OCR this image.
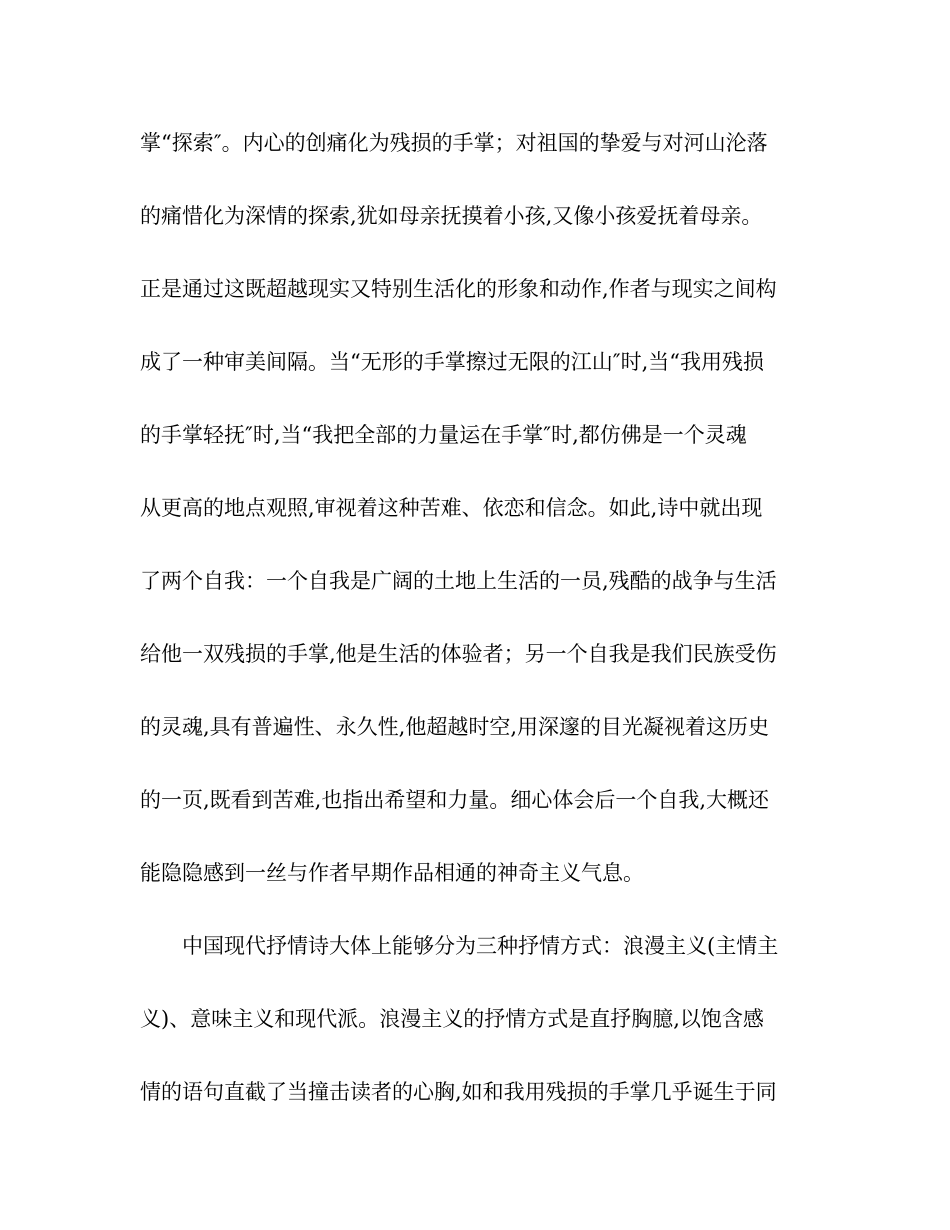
掌“探索″。内心的创痛化为残损的手掌；对祖国的挚爱与对河山沦落
的痛惜化为深情的探索,犹如母亲抚摸着小孩,又像小孩爱抚着母亲。
正是通过这既超越现实又特别生活化的形象和动作,作者与现实之间构
成了一种审美间隔。当“无形的手掌擦过无限的江山″时,当“我用残损
的手掌轻抚″时,当“我把全部的力量运在手掌″时,都仿佛是一个灵魂
从更高的地点观照,审视着这种苦难、依恋和信念。如此,诗中就出现
了两个自我：一个自我是广阔的土地上生活的一员,残酷的战争与生活
给他一双残损的手掌,他是生活的体验者；另一个自我是我们民族受伤
的灵魂,具有普遍性、永久性,他超越时空,用深邃的目光凝视着这历史
的一页,既看到苦难,也指出希望和力量。细心体会后一个自我,大概还
能隐隐感到一丝与作者早期作品相通的神奇主义气息。
中国现代抒情诗大体上能够分为三种抒情方式：浪漫主义(主情主
义)、意味主义和现代派。浪漫主义的抒情方式是直抒胸臆,以饱含感
情的语句直截了当撞击读者的心胸,如和我用残损的手掌几乎诞生于同
